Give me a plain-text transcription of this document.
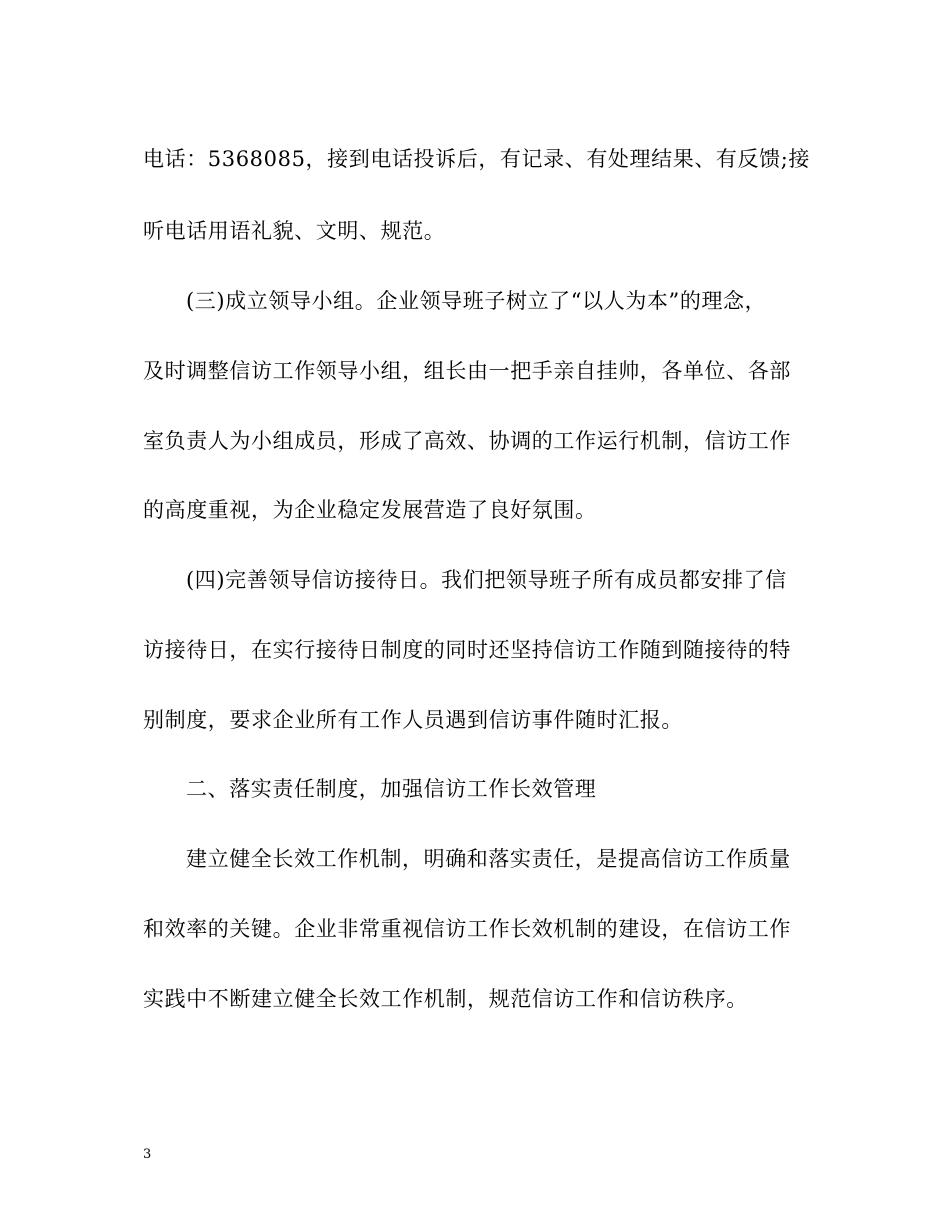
电话：5368085，接到电话投诉后，有记录、有处理结果、有反馈;接
听电话用语礼貌、文明、规范。
(三)成立领导小组。企业领导班子树立了“以人为本”的理念，
及时调整信访工作领导小组，组长由一把手亲自挂帅，各单位、各部
室负责人为小组成员，形成了高效、协调的工作运行机制，信访工作
的高度重视，为企业稳定发展营造了良好氛围。
(四)完善领导信访接待日。我们把领导班子所有成员都安排了信
访接待日，在实行接待日制度的同时还坚持信访工作随到随接待的特
别制度，要求企业所有工作人员遇到信访事件随时汇报。
二、落实责任制度，加强信访工作长效管理
建立健全长效工作机制，明确和落实责任，是提高信访工作质量
和效率的关键。企业非常重视信访工作长效机制的建设，在信访工作
实践中不断建立健全长效工作机制，规范信访工作和信访秩序。
3
